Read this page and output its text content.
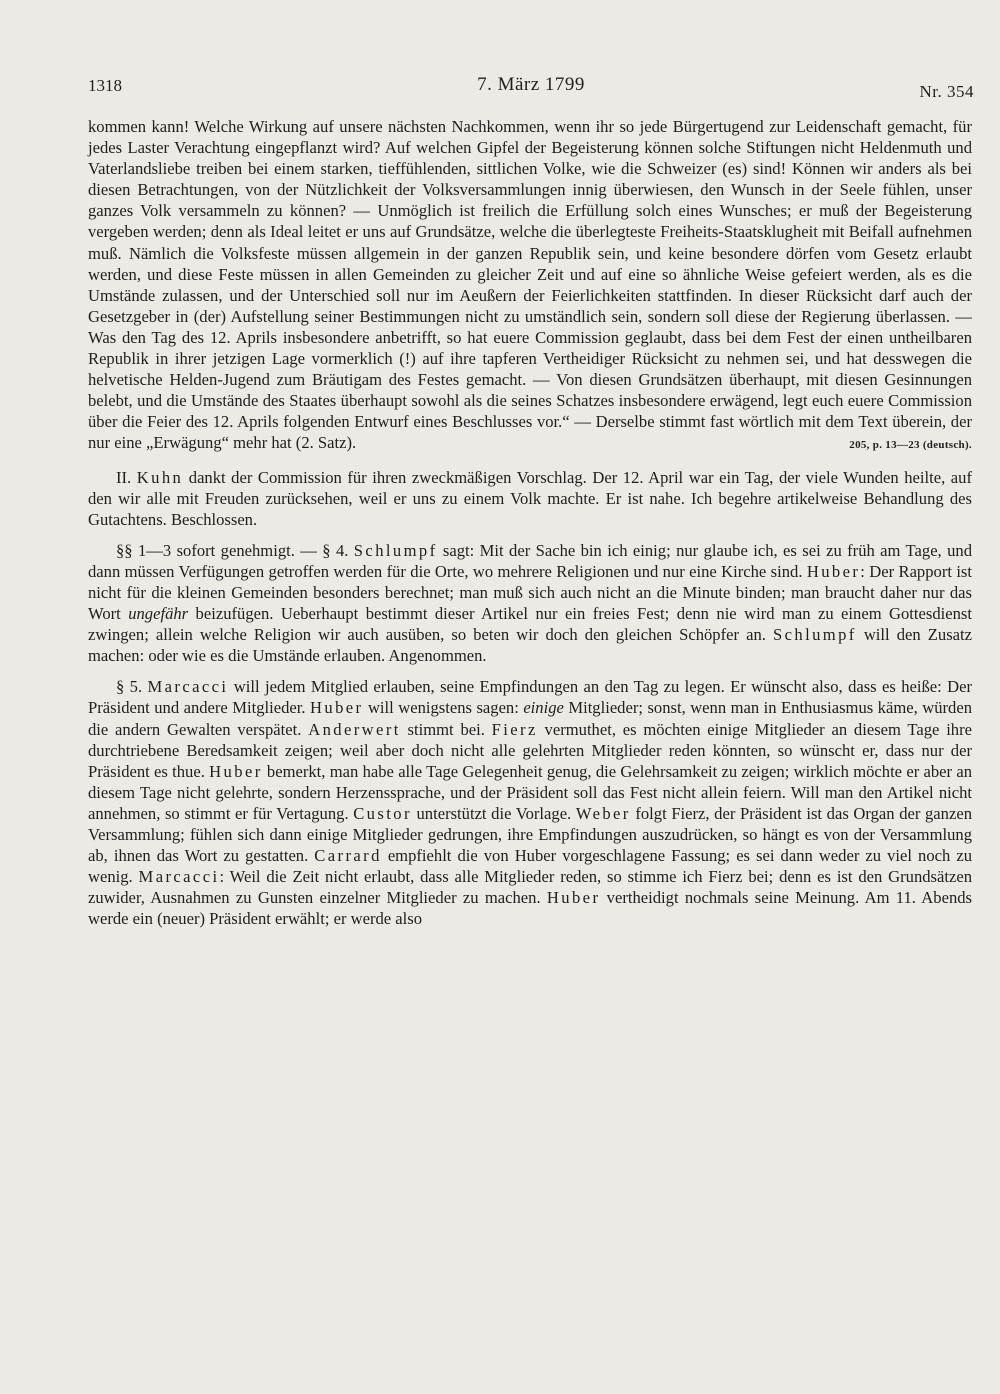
1318	7. März 1799	Nr. 354

kommen kann! Welche Wirkung auf unsere nächsten Nachkommen, wenn ihr so jede Bürgertugend zur Leidenschaft gemacht, für jedes Laster Verachtung eingepflanzt wird? Auf welchen Gipfel der Begeisterung können solche Stiftungen nicht Heldenmuth und Vaterlandsliebe treiben bei einem starken, tieffühlenden, sittlichen Volke, wie die Schweizer (es) sind! Können wir anders als bei diesen Betrachtungen, von der Nützlichkeit der Volksversammlungen innig überwiesen, den Wunsch in der Seele fühlen, unser ganzes Volk versammeln zu können? — Unmöglich ist freilich die Erfüllung solch eines Wunsches; er muß der Begeisterung vergeben werden; denn als Ideal leitet er uns auf Grundsätze, welche die überlegteste Freiheits-Staatsklugheit mit Beifall aufnehmen muß. Nämlich die Volksfeste müssen allgemein in der ganzen Republik sein, und keine besondere dörfen vom Gesetz erlaubt werden, und diese Feste müssen in allen Gemeinden zu gleicher Zeit und auf eine so ähnliche Weise gefeiert werden, als es die Umstände zulassen, und der Unterschied soll nur im Aeußern der Feierlichkeiten stattfinden. In dieser Rücksicht darf auch der Gesetzgeber in (der) Aufstellung seiner Bestimmungen nicht zu umständlich sein, sondern soll diese der Regierung überlassen. — Was den Tag des 12. Aprils insbesondere anbetrifft, so hat euere Commission geglaubt, dass bei dem Fest der einen untheilbaren Republik in ihrer jetzigen Lage vormerklich (!) auf ihre tapferen Vertheidiger Rücksicht zu nehmen sei, und hat desswegen die helvetische Helden-Jugend zum Bräutigam des Festes gemacht. — Von diesen Grundsätzen überhaupt, mit diesen Gesinnungen belebt, und die Umstände des Staates überhaupt sowohl als die seines Schatzes insbesondere erwägend, legt euch euere Commission über die Feier des 12. Aprils folgenden Entwurf eines Beschlusses vor.“ — Derselbe stimmt fast wörtlich mit dem Text überein, der nur eine „Erwägung“ mehr hat (2. Satz).	205, p. 13—23 (deutsch).

II. Kuhn dankt der Commission für ihren zweckmäßigen Vorschlag. Der 12. April war ein Tag, der viele Wunden heilte, auf den wir alle mit Freuden zurücksehen, weil er uns zu einem Volk machte. Er ist nahe. Ich begehre artikelweise Behandlung des Gutachtens. Beschlossen.

§§ 1—3 sofort genehmigt. — § 4. Schlumpf sagt: Mit der Sache bin ich einig; nur glaube ich, es sei zu früh am Tage, und dann müssen Verfügungen getroffen werden für die Orte, wo mehrere Religionen und nur eine Kirche sind. Huber: Der Rapport ist nicht für die kleinen Gemeinden besonders berechnet; man muß sich auch nicht an die Minute binden; man braucht daher nur das Wort ungefähr beizufügen. Ueberhaupt bestimmt dieser Artikel nur ein freies Fest; denn nie wird man zu einem Gottesdienst zwingen; allein welche Religion wir auch ausüben, so beten wir doch den gleichen Schöpfer an. Schlumpf will den Zusatz machen: oder wie es die Umstände erlauben. Angenommen.

§ 5. Marcacci will jedem Mitglied erlauben, seine Empfindungen an den Tag zu legen. Er wünscht also, dass es heiße: Der Präsident und andere Mitglieder. Huber will wenigstens sagen: einige Mitglieder; sonst, wenn man in Enthusiasmus käme, würden die andern Gewalten verspätet. Anderwert stimmt bei. Fierz vermuthet, es möchten einige Mitglieder an diesem Tage ihre durchtriebene Beredsamkeit zeigen; weil aber doch nicht alle gelehrten Mitglieder reden könnten, so wünscht er, dass nur der Präsident es thue. Huber bemerkt, man habe alle Tage Gelegenheit genug, die Gelehrsamkeit zu zeigen; wirklich möchte er aber an diesem Tage nicht gelehrte, sondern Herzenssprache, und der Präsident soll das Fest nicht allein feiern. Will man den Artikel nicht annehmen, so stimmt er für Vertagung. Custor unterstützt die Vorlage. Weber folgt Fierz, der Präsident ist das Organ der ganzen Versammlung; fühlen sich dann einige Mitglieder gedrungen, ihre Empfindungen auszudrücken, so hängt es von der Versammlung ab, ihnen das Wort zu gestatten. Carrard empfiehlt die von Huber vorgeschlagene Fassung; es sei dann weder zu viel noch zu wenig. Marcacci: Weil die Zeit nicht erlaubt, dass alle Mitglieder reden, so stimme ich Fierz bei; denn es ist den Grundsätzen zuwider, Ausnahmen zu Gunsten einzelner Mitglieder zu machen. Huber vertheidigt nochmals seine Meinung. Am 11. Abends werde ein (neuer) Präsident erwählt; er werde also
